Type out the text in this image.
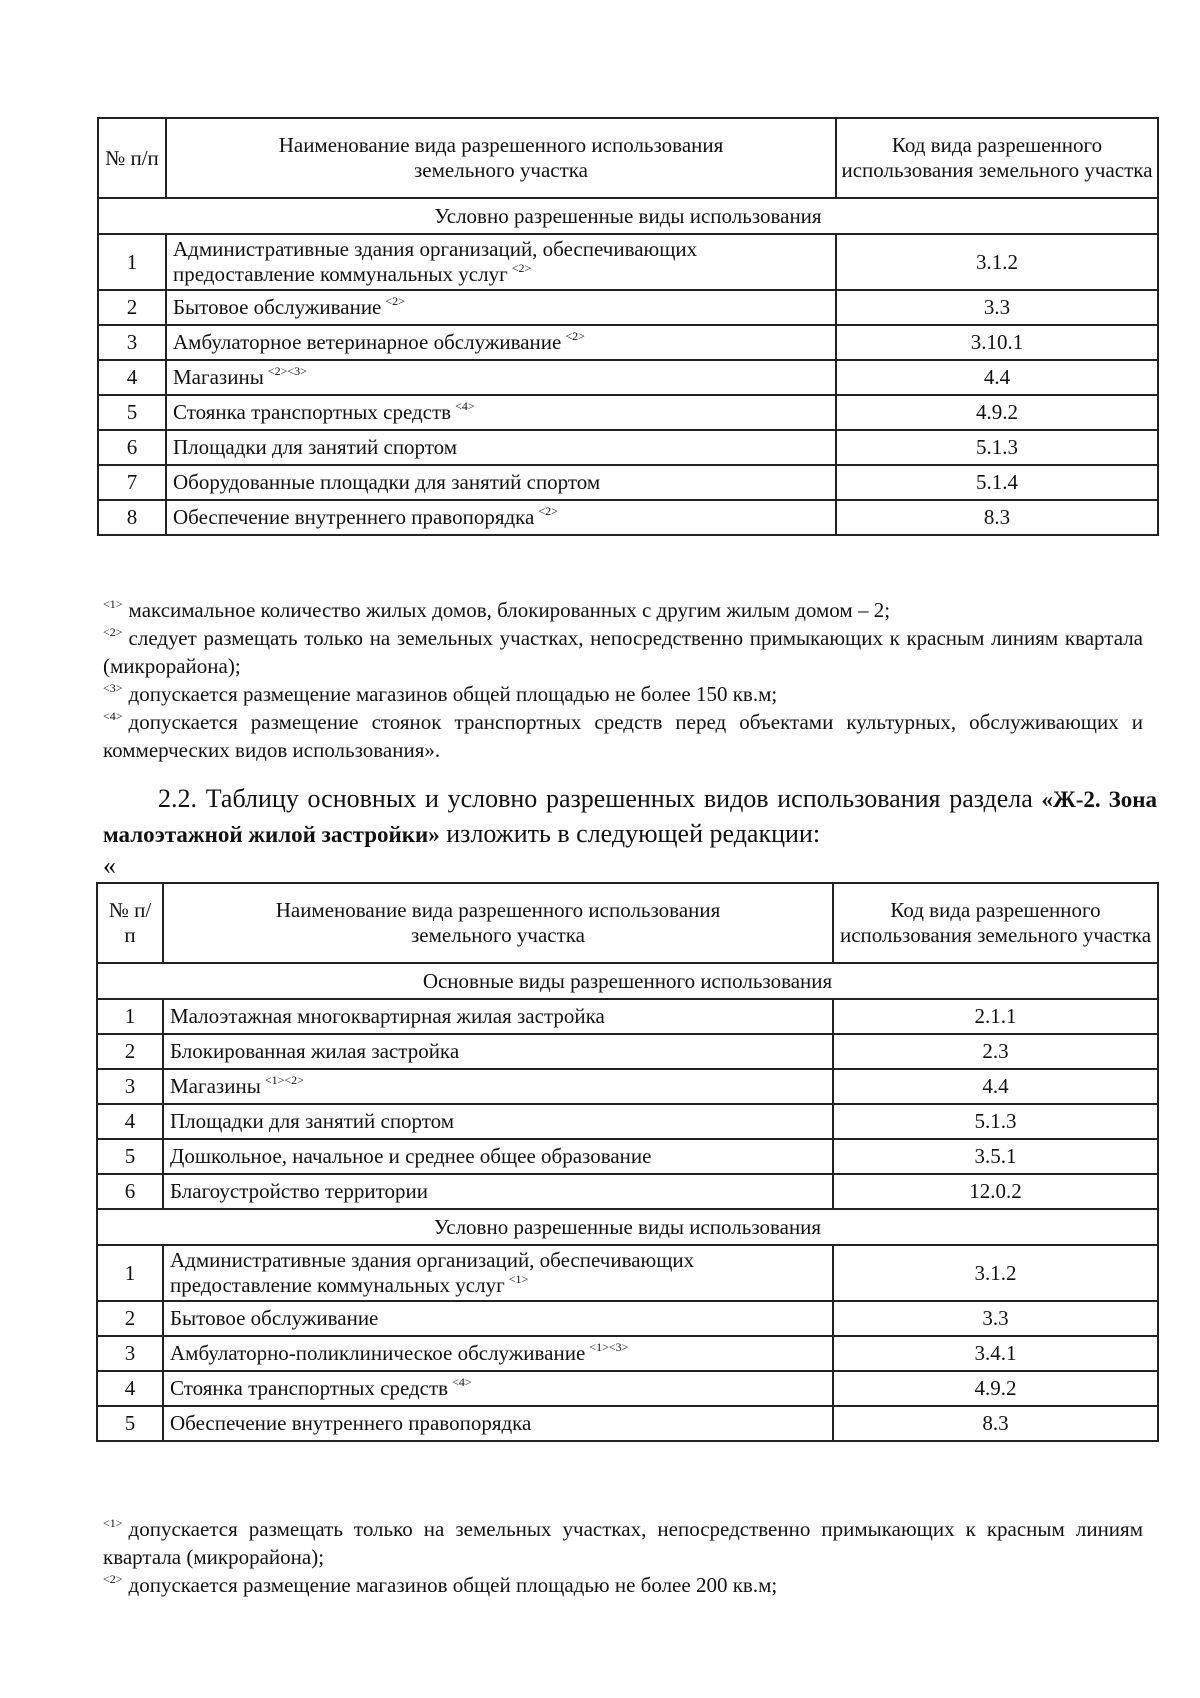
№ п/п	Наименование вида разрешенного использования земельного участка	Код вида разрешенного использования земельного участка
Условно разрешенные виды использования		
1	Административные здания организаций, обеспечивающих предоставление коммунальных услуг $^{<2>}$	3.1.2
2	Бытовое обслуживание $^{<2>}$	3.3
3	Амбулаторное ветеринарное обслуживание $^{<2>}$	3.10.1
4	Магазины $^{<2><3>}$	4.4
5	Стоянка транспортных средств $^{<4>}$	4.9.2
6	Площадки для занятий спортом	5.1.3
7	Оборудованные площадки для занятий спортом	5.1.4
8	Обеспечение внутреннего правопорядка $^{<2>}$	8.3

$^{<1>}$ максимальное количество жилых домов, блокированных с другим жилым домом – 2;

$^{<2>}$ следует размещать только на земельных участках, непосредственно примыкающих к красным линиям квартала (микрорайона);

$^{<3>}$ допускается размещение магазинов общей площадью не более 150 кв.м;

$^{<4>}$ допускается размещение стоянок транспортных средств перед объектами культурных, обслуживающих и коммерческих видов использования».

2.2. Таблицу основных и условно разрешенных видов использования раздела «Ж-2. Зона малоэтажной жилой застройки» изложить в следующей редакции:

«
№ п/п	Наименование вида разрешенного использования земельного участка	Код вида разрешенного использования земельного участка
Основные виды разрешенного использования		
1	Малоэтажная многоквартирная жилая застройка	2.1.1
2	Блокированная жилая застройка	2.3
3	Магазины $^{<1><2>}$	4.4
4	Площадки для занятий спортом	5.1.3
5	Дошкольное, начальное и среднее общее образование	3.5.1
6	Благоустройство территории	12.0.2
Условно разрешенные виды использования		
1	Административные здания организаций, обеспечивающих предоставление коммунальных услуг $^{<1>}$	3.1.2
2	Бытовое обслуживание	3.3
3	Амбулаторно-поликлиническое обслуживание $^{<1><3>}$	3.4.1
4	Стоянка транспортных средств $^{<4>}$	4.9.2
5	Обеспечение внутреннего правопорядка	8.3

$^{<1>}$ допускается размещать только на земельных участках, непосредственно примыкающих к красным линиям квартала (микрорайона);

$^{<2>}$ допускается размещение магазинов общей площадью не более 200 кв.м;
